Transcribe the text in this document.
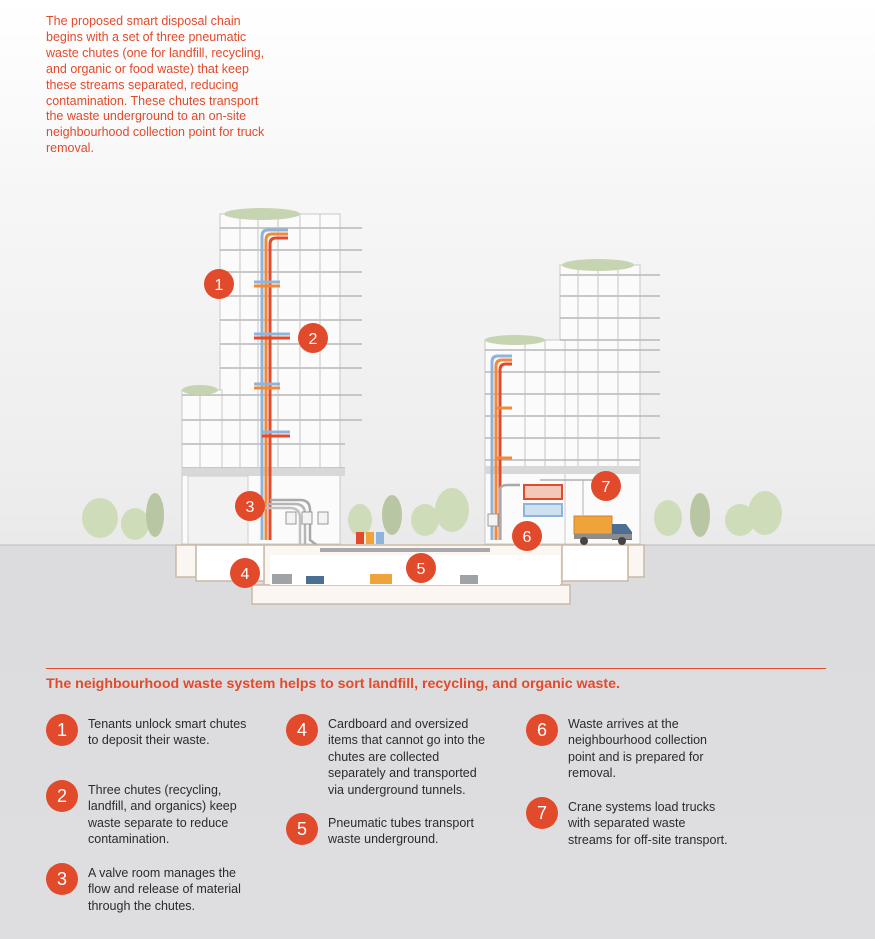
The proposed smart disposal chain begins with a set of three pneumatic waste chutes (one for landfill, recycling, and organic or food waste) that keep these streams separated, reducing contamination. These chutes transport the waste underground to an on-site neighbourhood collection point for truck removal.
1
2
3
4	5
6
7
The neighbourhood waste system helps to sort landfill, recycling, and organic waste.
1	Tenants unlock smart chutes to deposit their waste.
2	Three chutes (recycling, landfill, and organics) keep waste separate to reduce contamination.
3	A valve room manages the flow and release of material through the chutes.
4	Cardboard and oversized items that cannot go into the chutes are collected separately and transported via underground tunnels.
5	Pneumatic tubes transport waste underground.
6	Waste arrives at the neighbourhood collection point and is prepared for removal.
7	Crane systems load trucks with separated waste streams for off-site transport.
